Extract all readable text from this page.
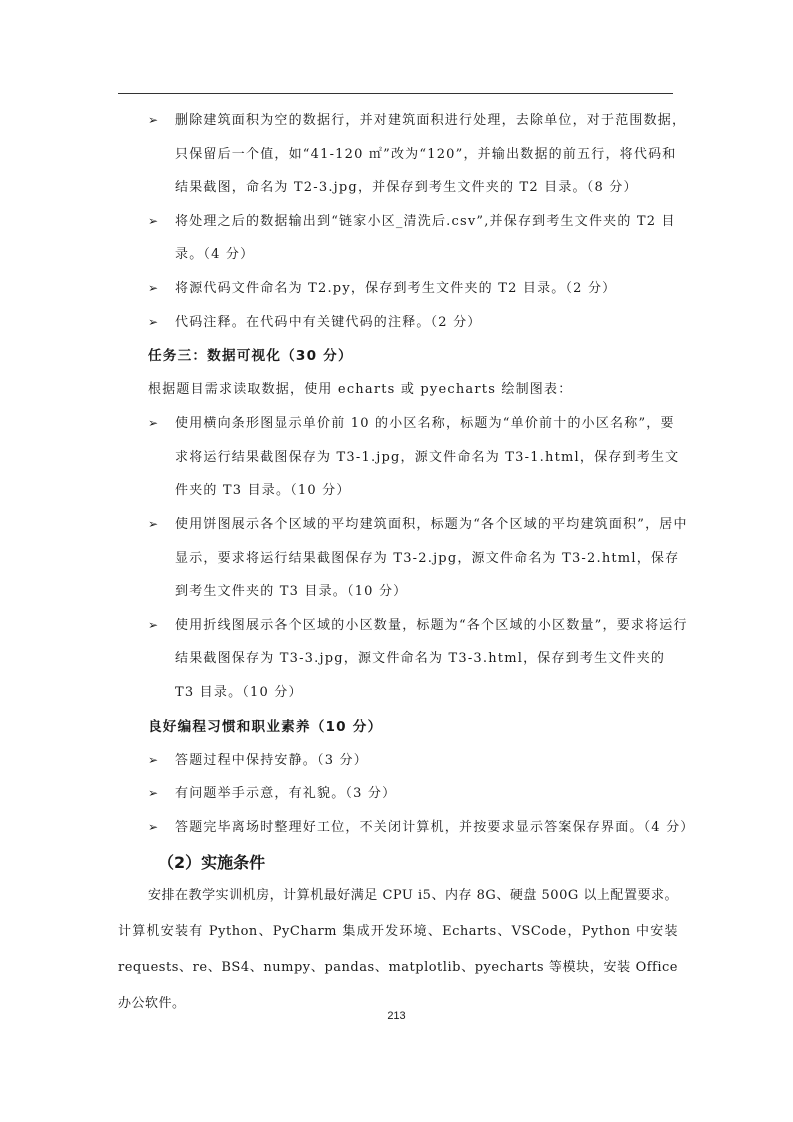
➢ 删除建筑面积为空的数据行，并对建筑面积进行处理，去除单位，对于范围数据，只保留后一个值，如“41-120 ㎡”改为“120”，并输出数据的前五行，将代码和结果截图，命名为 T2-3.jpg，并保存到考生文件夹的 T2 目录。（8 分）
➢ 将处理之后的数据输出到“链家小区_清洗后.csv”,并保存到考生文件夹的 T2 目录。（4 分）
➢ 将源代码文件命名为 T2.py，保存到考生文件夹的 T2 目录。（2 分）
➢ 代码注释。在代码中有关键代码的注释。（2 分）
任务三：数据可视化（30 分）
根据题目需求读取数据，使用 echarts 或 pyecharts 绘制图表：
➢ 使用横向条形图显示单价前 10 的小区名称，标题为“单价前十的小区名称”，要求将运行结果截图保存为 T3-1.jpg，源文件命名为 T3-1.html，保存到考生文件夹的 T3 目录。（10 分）
➢ 使用饼图展示各个区域的平均建筑面积，标题为“各个区域的平均建筑面积”，居中显示，要求将运行结果截图保存为 T3-2.jpg，源文件命名为 T3-2.html，保存到考生文件夹的 T3 目录。（10 分）
➢ 使用折线图展示各个区域的小区数量，标题为“各个区域的小区数量”，要求将运行结果截图保存为 T3-3.jpg，源文件命名为 T3-3.html，保存到考生文件夹的 T3 目录。（10 分）
良好编程习惯和职业素养（10 分）
➢ 答题过程中保持安静。（3 分）
➢ 有问题举手示意，有礼貌。（3 分）
➢ 答题完毕离场时整理好工位，不关闭计算机，并按要求显示答案保存界面。（4 分）
（2）实施条件
安排在教学实训机房，计算机最好满足 CPU i5、内存 8G、硬盘 500G 以上配置要求。计算机安装有 Python、PyCharm 集成开发环境、Echarts、VSCode，Python 中安装 requests、re、BS4、numpy、pandas、matplotlib、pyecharts 等模块，安装 Office 办公软件。
213
